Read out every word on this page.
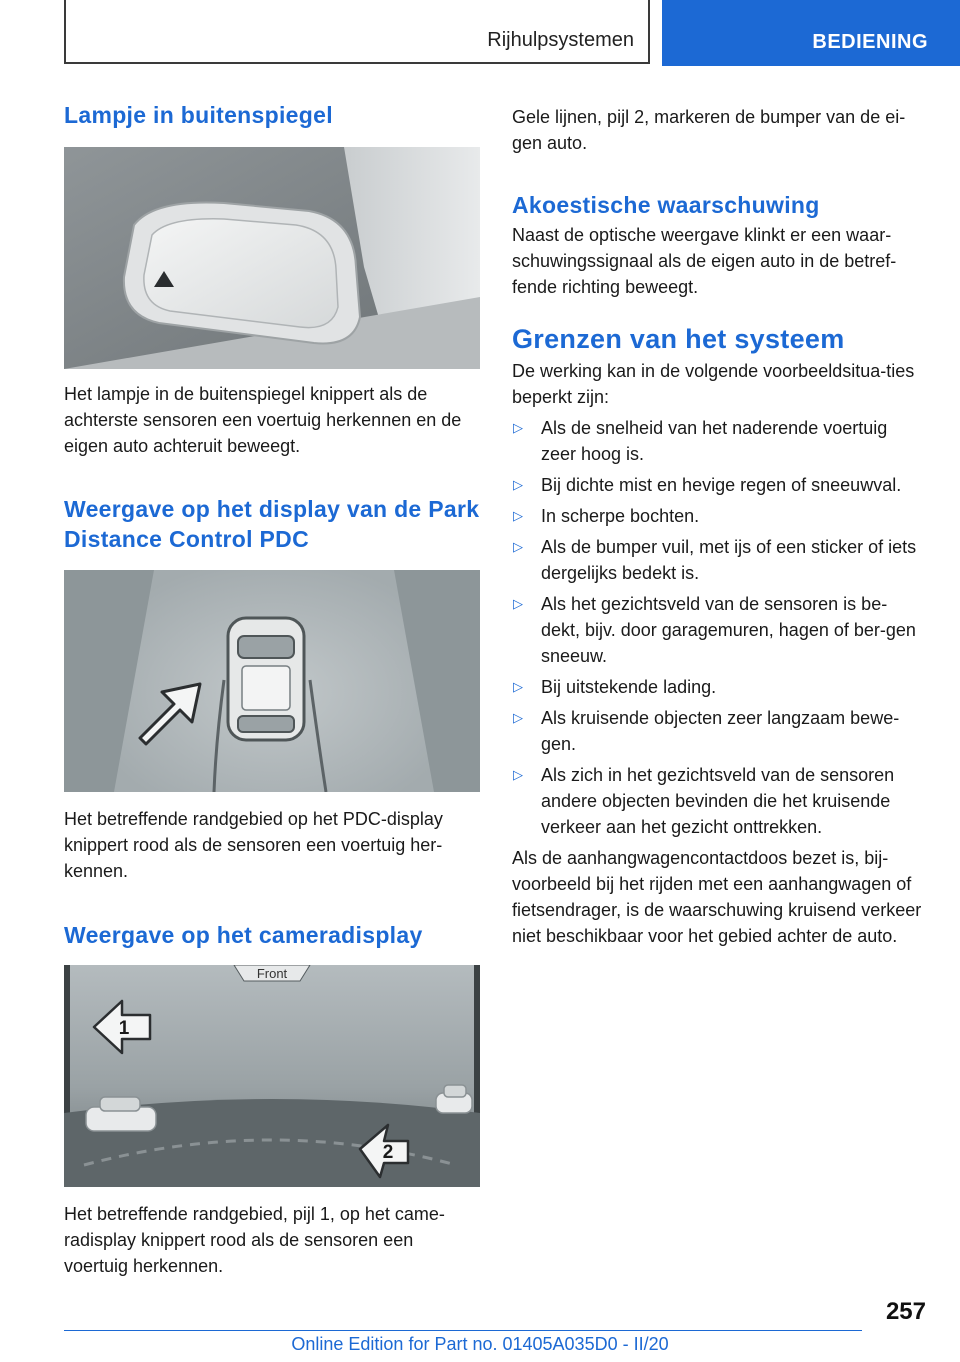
Rijhulpsystemen	BEDIENING
Lampje in buitenspiegel

Het lampje in de buitenspiegel knippert als de achterste sensoren een voertuig herkennen en de eigen auto achteruit beweegt.

Weergave op het display van de Park Distance Control PDC

Het betreffende randgebied op het PDC-display knippert rood als de sensoren een voertuig her-kennen.

Weergave op het cameradisplay
Front
1
2

Het betreffende randgebied, pijl 1, op het came-radisplay knippert rood als de sensoren een voertuig herkennen.

Gele lijnen, pijl 2, markeren de bumper van de ei-gen auto.

Akoestische waarschuwing

Naast de optische weergave klinkt er een waar-schuwingssignaal als de eigen auto in de betref-fende richting beweegt.

Grenzen van het systeem

De werking kan in de volgende voorbeeldsitua-ties beperkt zijn:

▷ Als de snelheid van het naderende voertuig zeer hoog is.
▷ Bij dichte mist en hevige regen of sneeuwval.
▷ In scherpe bochten.
▷ Als de bumper vuil, met ijs of een sticker of iets dergelijks bedekt is.
▷ Als het gezichtsveld van de sensoren is be-dekt, bijv. door garagemuren, hagen of ber-gen sneeuw.
▷ Bij uitstekende lading.
▷ Als kruisende objecten zeer langzaam bewe-gen.
▷ Als zich in het gezichtsveld van de sensoren andere objecten bevinden die het kruisende verkeer aan het gezicht onttrekken.

Als de aanhangwagencontactdoos bezet is, bij-voorbeeld bij het rijden met een aanhangwagen of fietsendrager, is de waarschuwing kruisend verkeer niet beschikbaar voor het gebied achter de auto.

257
Online Edition for Part no. 01405A035D0 - II/20
